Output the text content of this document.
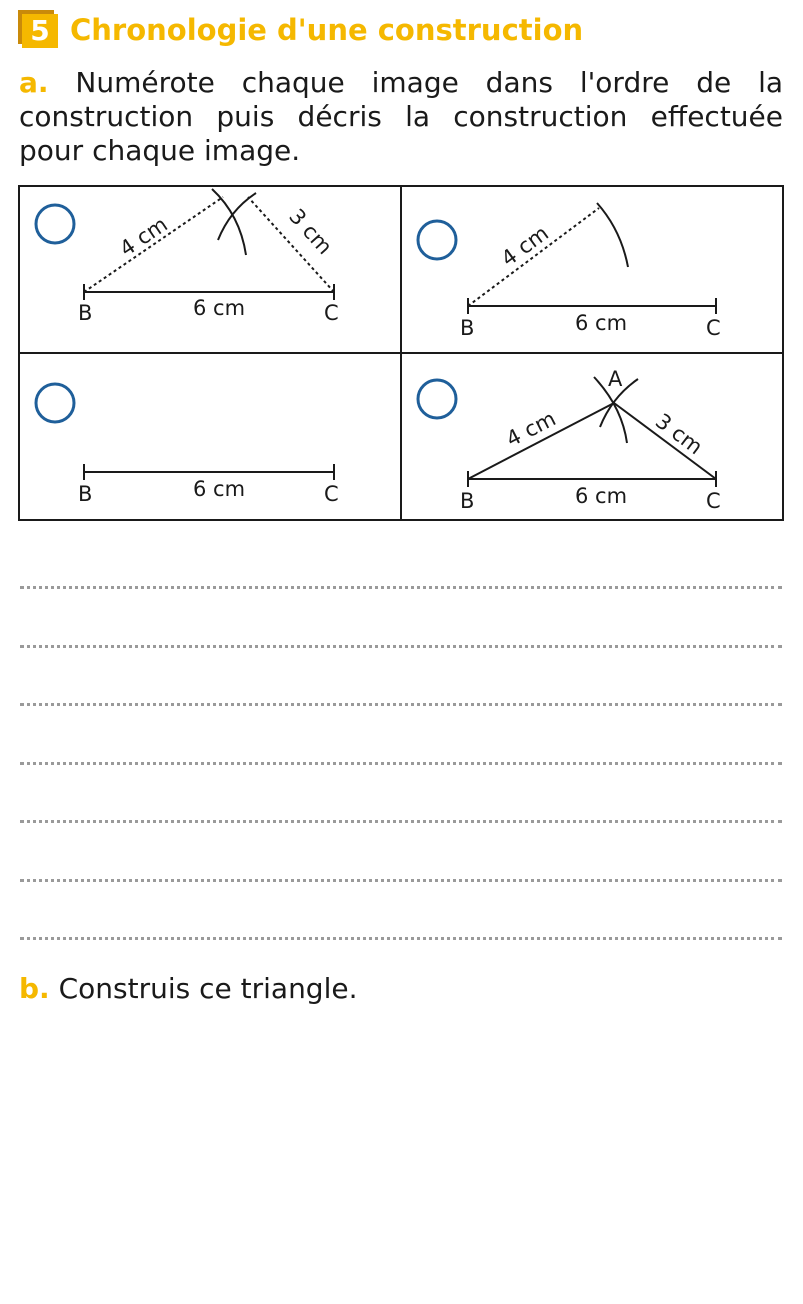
5 Chronologie d'une construction
a. Numérote chaque image dans l'ordre de la construction puis décris la construction effectuée pour chaque image.
6 cm
B	C
4 cm	3 cm
6 cm
B	C
4 cm
6 cm
B	C
A
6 cm
B	C
4 cm	3 cm
b. Construis ce triangle.
